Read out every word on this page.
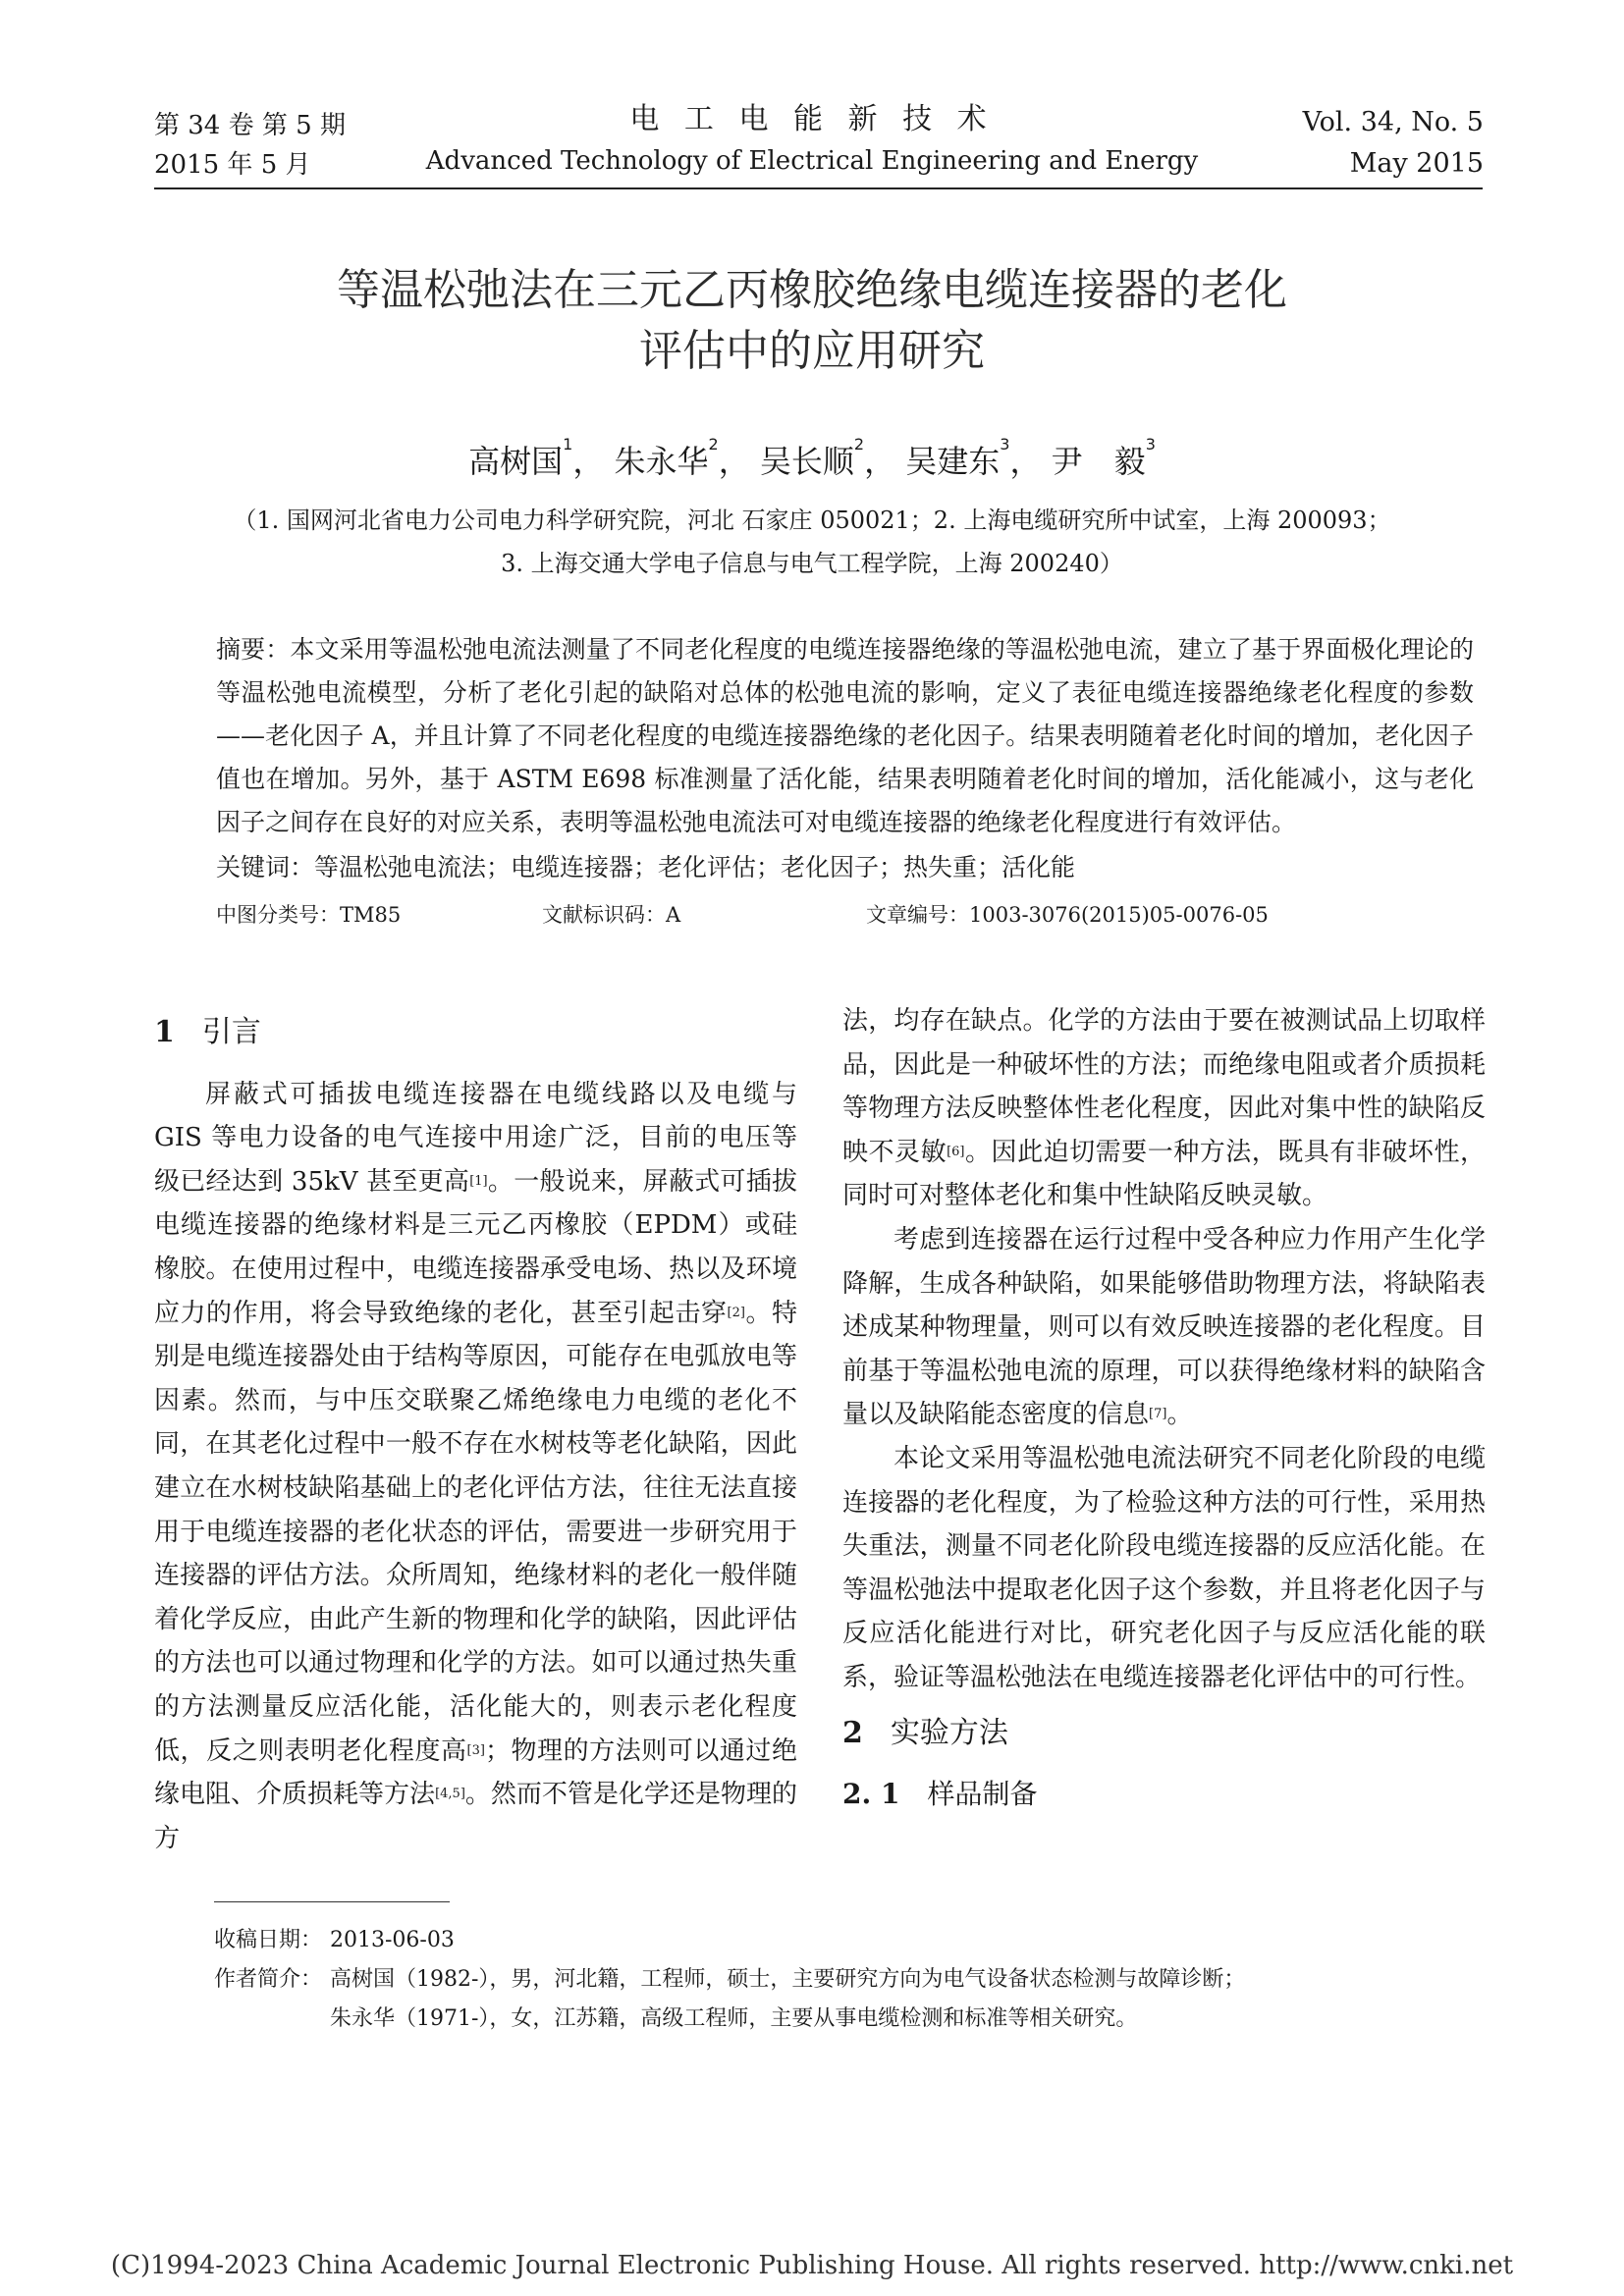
第 34 卷 第 5 期
2015 年 5 月
电 工 电 能 新 技 术
Advanced Technology of Electrical Engineering and Energy
Vol. 34, No. 5
May 2015
等温松弛法在三元乙丙橡胶绝缘电缆连接器的老化
评估中的应用研究
高树国$^1$， 朱永华$^2$， 吴长顺$^2$， 吴建东$^3$， 尹　毅$^3$
（1. 国网河北省电力公司电力科学研究院，河北 石家庄 050021；2. 上海电缆研究所中试室，上海 200093；
3. 上海交通大学电子信息与电气工程学院，上海 200240）

摘要：本文采用等温松弛电流法测量了不同老化程度的电缆连接器绝缘的等温松弛电流，建立了基于界面极化理论的等温松弛电流模型，分析了老化引起的缺陷对总体的松弛电流的影响，定义了表征电缆连接器绝缘老化程度的参数——老化因子 A，并且计算了不同老化程度的电缆连接器绝缘的老化因子。结果表明随着老化时间的增加，老化因子值也在增加。另外，基于 ASTM E698 标准测量了活化能，结果表明随着老化时间的增加，活化能减小，这与老化因子之间存在良好的对应关系，表明等温松弛电流法可对电缆连接器的绝缘老化程度进行有效评估。

关键词：等温松弛电流法；电缆连接器；老化评估；老化因子；热失重；活化能
中图分类号：TM85	文献标识码：A	文章编号：1003-3076(2015)05-0076-05
1 引言

屏蔽式可插拔电缆连接器在电缆线路以及电缆与 GIS 等电力设备的电气连接中用途广泛，目前的电压等级已经达到 35kV 甚至更高[1]。一般说来，屏蔽式可插拔电缆连接器的绝缘材料是三元乙丙橡胶（EPDM）或硅橡胶。在使用过程中，电缆连接器承受电场、热以及环境应力的作用，将会导致绝缘的老化，甚至引起击穿[2]。特别是电缆连接器处由于结构等原因，可能存在电弧放电等因素。然而，与中压交联聚乙烯绝缘电力电缆的老化不同，在其老化过程中一般不存在水树枝等老化缺陷，因此建立在水树枝缺陷基础上的老化评估方法，往往无法直接用于电缆连接器的老化状态的评估，需要进一步研究用于连接器的评估方法。众所周知，绝缘材料的老化一般伴随着化学反应，由此产生新的物理和化学的缺陷，因此评估的方法也可以通过物理和化学的方法。如可以通过热失重的方法测量反应活化能，活化能大的，则表示老化程度低，反之则表明老化程度高[3]；物理的方法则可以通过绝缘电阻、介质损耗等方法[4,5]。然而不管是化学还是物理的方

法，均存在缺点。化学的方法由于要在被测试品上切取样品，因此是一种破坏性的方法；而绝缘电阻或者介质损耗等物理方法反映整体性老化程度，因此对集中性的缺陷反映不灵敏[6]。因此迫切需要一种方法，既具有非破坏性，同时可对整体老化和集中性缺陷反映灵敏。

考虑到连接器在运行过程中受各种应力作用产生化学降解，生成各种缺陷，如果能够借助物理方法，将缺陷表述成某种物理量，则可以有效反映连接器的老化程度。目前基于等温松弛电流的原理，可以获得绝缘材料的缺陷含量以及缺陷能态密度的信息[7]。

本论文采用等温松弛电流法研究不同老化阶段的电缆连接器的老化程度，为了检验这种方法的可行性，采用热失重法，测量不同老化阶段电缆连接器的反应活化能。在等温松弛法中提取老化因子这个参数，并且将老化因子与反应活化能进行对比，研究老化因子与反应活化能的联系，验证等温松弛法在电缆连接器老化评估中的可行性。

2 实验方法
2. 1 样品制备
收稿日期： 2013-06-03
作者简介： 高树国（1982-），男，河北籍，工程师，硕士，主要研究方向为电气设备状态检测与故障诊断；
朱永华（1971-），女，江苏籍，高级工程师，主要从事电缆检测和标准等相关研究。
(C)1994-2023 China Academic Journal Electronic Publishing House. All rights reserved. http://www.cnki.net
